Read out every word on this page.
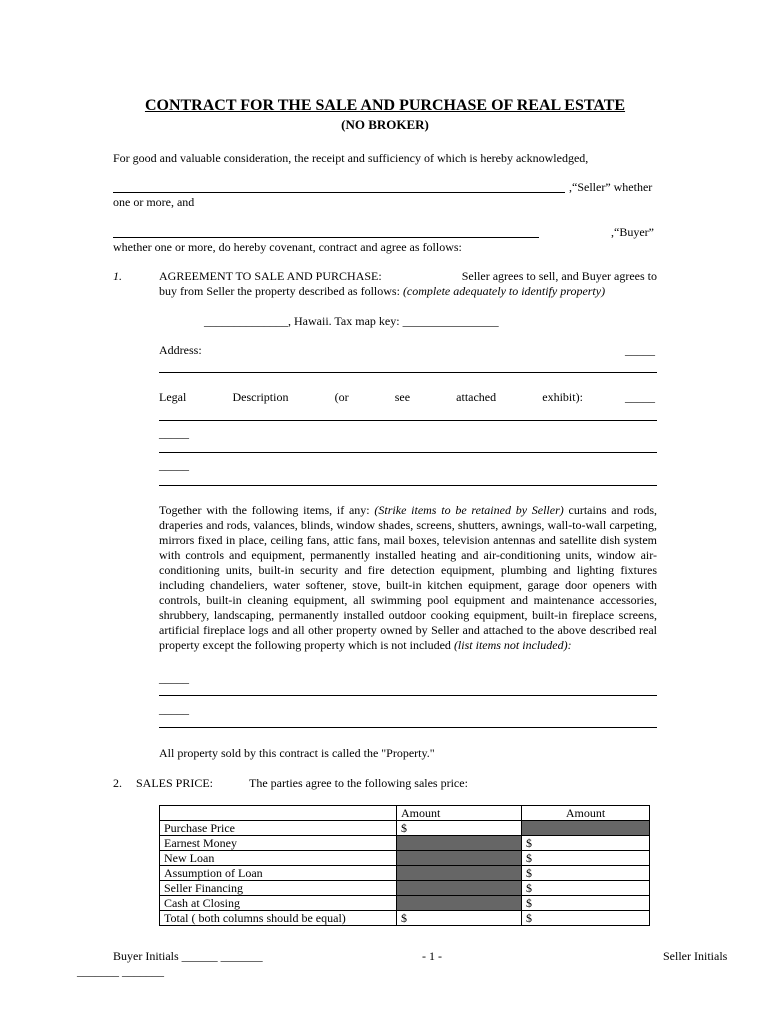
CONTRACT FOR THE SALE AND PURCHASE OF REAL ESTATE
(NO BROKER)
For good and valuable consideration, the receipt and sufficiency of which is hereby acknowledged,
,“Seller” whether
one or more, and
,“Buyer”
whether one or more, do hereby covenant, contract and agree as follows:
1.	AGREEMENT TO SALE AND PURCHASE:	Seller agrees to sell, and Buyer agrees to
buy from Seller the property described as follows: (complete adequately to identify property)
______________, Hawaii. Tax map key: ________________
Address:	_____
Legal	Description	(or	see	attached	exhibit):	_____
_____
_____
Together with the following items, if any: (Strike items to be retained by Seller) curtains and rods, draperies and rods, valances, blinds, window shades, screens, shutters, awnings, wall-to-wall carpeting, mirrors fixed in place, ceiling fans, attic fans, mail boxes, television antennas and satellite dish system with controls and equipment, permanently installed heating and air-conditioning units, window air-conditioning units, built-in security and fire detection equipment, plumbing and lighting fixtures including chandeliers, water softener, stove, built-in kitchen equipment, garage door openers with controls, built-in cleaning equipment, all swimming pool equipment and maintenance accessories, shrubbery, landscaping, permanently installed outdoor cooking equipment, built-in fireplace screens, artificial fireplace logs and all other property owned by Seller and attached to the above described real property except the following property which is not included (list items not included):
_____
_____
All property sold by this contract is called the "Property."
2. SALES PRICE:	The parties agree to the following sales price:
	Amount	Amount
Purchase Price	$	
Earnest Money		$
New Loan		$
Assumption of Loan		$
Seller Financing		$
Cash at Closing		$
Total ( both columns should be equal)	$	$
Buyer Initials ______ _______	- 1 -	Seller Initials
_______ _______
